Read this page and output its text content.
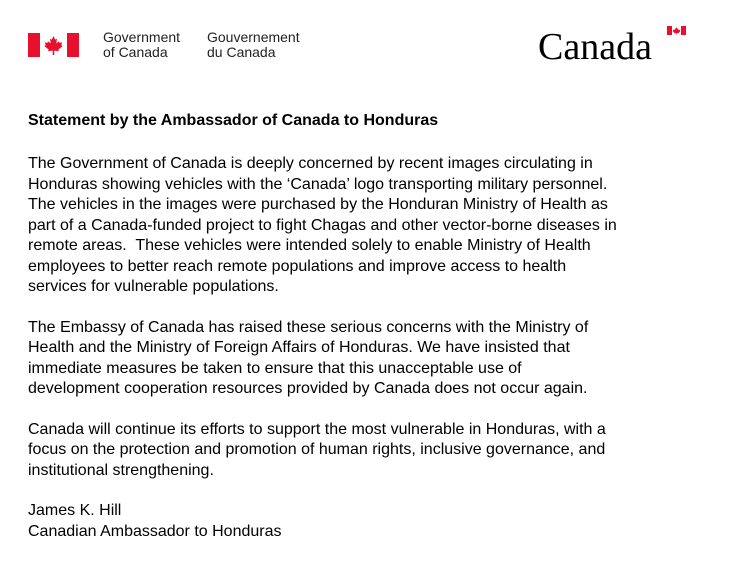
Government
of Canada
Gouvernement
du Canada	Canada
Statement by the Ambassador of Canada to Honduras
The Government of Canada is deeply concerned by recent images circulating in
Honduras showing vehicles with the ‘Canada’ logo transporting military personnel.
The vehicles in the images were purchased by the Honduran Ministry of Health as
part of a Canada-funded project to fight Chagas and other vector-borne diseases in
remote areas.  These vehicles were intended solely to enable Ministry of Health
employees to better reach remote populations and improve access to health
services for vulnerable populations.
The Embassy of Canada has raised these serious concerns with the Ministry of
Health and the Ministry of Foreign Affairs of Honduras. We have insisted that
immediate measures be taken to ensure that this unacceptable use of
development cooperation resources provided by Canada does not occur again.
Canada will continue its efforts to support the most vulnerable in Honduras, with a
focus on the protection and promotion of human rights, inclusive governance, and
institutional strengthening.
James K. Hill
Canadian Ambassador to Honduras
